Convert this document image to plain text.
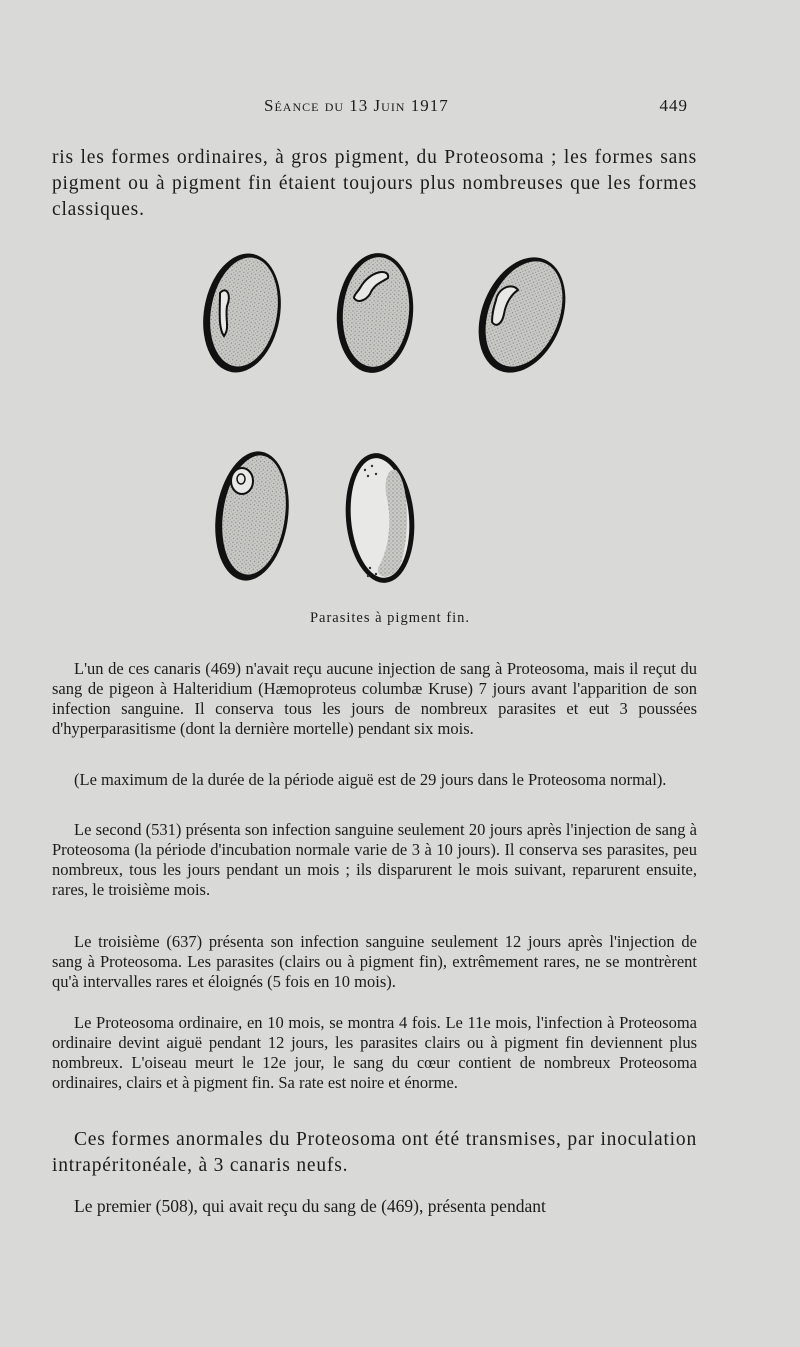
Séance du 13 Juin 1917	449
ris les formes ordinaires, à gros pigment, du Proteosoma ; les formes sans pigment ou à pigment fin étaient toujours plus nombreuses que les formes classiques.
Parasites à pigment fin.
L'un de ces canaris (469) n'avait reçu aucune injection de sang à Proteosoma, mais il reçut du sang de pigeon à Halteridium (Hæmoproteus columbæ Kruse) 7 jours avant l'apparition de son infection sanguine. Il conserva tous les jours de nombreux parasites et eut 3 poussées d'hyperparasitisme (dont la dernière mortelle) pendant six mois.
(Le maximum de la durée de la période aiguë est de 29 jours dans le Proteosoma normal).
Le second (531) présenta son infection sanguine seulement 20 jours après l'injection de sang à Proteosoma (la période d'incubation normale varie de 3 à 10 jours). Il conserva ses parasites, peu nombreux, tous les jours pendant un mois ; ils disparurent le mois suivant, reparurent ensuite, rares, le troisième mois.
Le troisième (637) présenta son infection sanguine seulement 12 jours après l'injection de sang à Proteosoma. Les parasites (clairs ou à pigment fin), extrêmement rares, ne se montrèrent qu'à intervalles rares et éloignés (5 fois en 10 mois).
Le Proteosoma ordinaire, en 10 mois, se montra 4 fois. Le 11e mois, l'infection à Proteosoma ordinaire devint aiguë pendant 12 jours, les parasites clairs ou à pigment fin deviennent plus nombreux. L'oiseau meurt le 12e jour, le sang du cœur contient de nombreux Proteosoma ordinaires, clairs et à pigment fin. Sa rate est noire et énorme.
Ces formes anormales du Proteosoma ont été transmises, par inoculation intrapéritonéale, à 3 canaris neufs.
Le premier (508), qui avait reçu du sang de (469), présenta pendant
